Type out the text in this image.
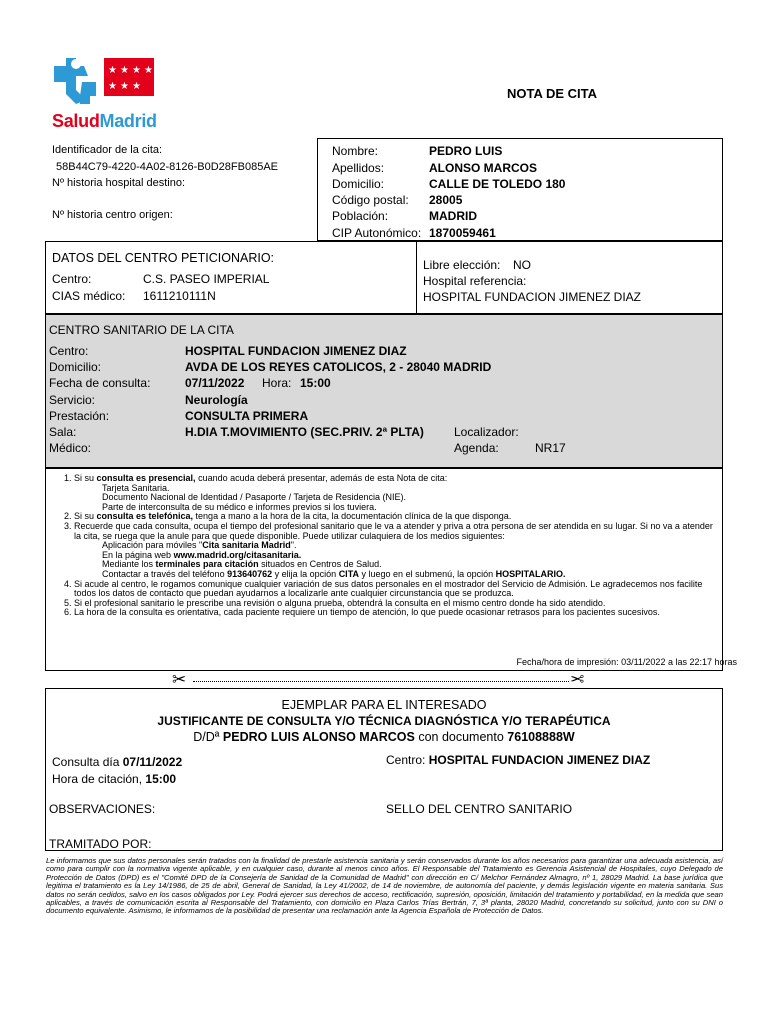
★ ★ ★ ★
★ ★ ★
SaludMadrid
NOTA DE CITA
Identificador de la cita:
58B44C79-4220-4A02-8126-B0D28FB085AE
Nº historia hospital destino:
Nº historia centro origen:
Nombre:	PEDRO LUIS
Apellidos:	ALONSO MARCOS
Domicilio:	CALLE DE TOLEDO 180
Código postal: 28005
Población:	MADRID
CIP Autonómico: 1870059461
DATOS DEL CENTRO PETICIONARIO:
Centro:	C.S. PASEO IMPERIAL
CIAS médico: 1611210111N
Libre elección: NO
Hospital referencia:
HOSPITAL FUNDACION JIMENEZ DIAZ
CENTRO SANITARIO DE LA CITA
Centro:	HOSPITAL FUNDACION JIMENEZ DIAZ
Domicilio:	AVDA DE LOS REYES CATOLICOS, 2 - 28040 MADRID
Fecha de consulta:	07/11/2022 Hora: 15:00
Servicio:	Neurología
Prestación:	CONSULTA PRIMERA
Sala:	H.DIA T.MOVIMIENTO (SEC.PRIV. 2ª PLTA)	Localizador:
Médico:	Agenda:	NR17
1. Si su consulta es presencial, cuando acuda deberá presentar, además de esta Nota de cita:
Tarjeta Sanitaria.
Documento Nacional de Identidad / Pasaporte / Tarjeta de Residencia (NIE).
Parte de interconsulta de su médico e informes previos si los tuviera.
2. Si su consulta es telefónica, tenga a mano a la hora de la cita, la documentación clínica de la que disponga.
3. Recuerde que cada consulta, ocupa el tiempo del profesional sanitario que le va a atender y priva a otra persona de ser atendida en su lugar. Si no va a atender la cita, se ruega que la anule para que quede disponible. Puede utilizar culaquiera de los medios siguientes:
Aplicación para móviles "Cita sanitaria Madrid".
En la página web www.madrid.org/citasanitaria.
Mediante los terminales para citación situados en Centros de Salud.
Contactar a través del teléfono 913640762 y elija la opción CITA y luego en el submenú, la opción HOSPITALARIO.
4. Si acude al centro, le rogamos comunique cualquier variación de sus datos personales en el mostrador del Servicio de Admisión. Le agradecemos nos facilite todos los datos de contacto que puedan ayudarnos a localizarle ante cualquier circunstancia que se produzca.
5. Si el profesional sanitario le prescribe una revisión o alguna prueba, obtendrá la consulta en el mismo centro donde ha sido atendido.
6. La hora de la consulta es orientativa, cada paciente requiere un tiempo de atención, lo que puede ocasionar retrasos para los pacientes sucesivos.
Fecha/hora de impresión: 03/11/2022 a las 22:17 horas
✂	✂
EJEMPLAR PARA EL INTERESADO
JUSTIFICANTE DE CONSULTA Y/O TÉCNICA DIAGNÓSTICA Y/O TERAPÉUTICA
D/Dª PEDRO LUIS ALONSO MARCOS con documento 76108888W
Consulta día 07/11/2022
Hora de citación, 15:00
Centro: HOSPITAL FUNDACION JIMENEZ DIAZ
OBSERVACIONES:	SELLO DEL CENTRO SANITARIO
TRAMITADO POR:
Le informamos que sus datos personales serán tratados con la finalidad de prestarle asistencia sanitaria y serán conservados durante los años necesarios para garantizar una adecuada asistencia, así como para cumplir con la normativa vigente aplicable, y en cualquier caso, durante al menos cinco años. El Responsable del Tratamiento es Gerencia Asistencial de Hospitales, cuyo Delegado de Protección de Datos (DPD) es el "Comité DPD de la Consejería de Sanidad de la Comunidad de Madrid" con dirección en C/ Melchor Fernández Almagro, nº 1, 28029 Madrid. La base jurídica que legitima el tratamiento es la Ley 14/1986, de 25 de abril, General de Sanidad, la Ley 41/2002, de 14 de noviembre, de autonomía del paciente, y demás legislación vigente en materia sanitaria. Sus datos no serán cedidos, salvo en los casos obligados por Ley. Podrá ejercer sus derechos de acceso, rectificación, supresión, oposición, limitación del tratamiento y portabilidad, en la medida que sean aplicables, a través de comunicación escrita al Responsable del Tratamiento, con domicilio en Plaza Carlos Trías Bertrán, 7, 3ª planta, 28020 Madrid, concretando su solicitud, junto con su DNI o documento equivalente. Asimismo, le informamos de la posibilidad de presentar una reclamación ante la Agencia Española de Protección de Datos.
